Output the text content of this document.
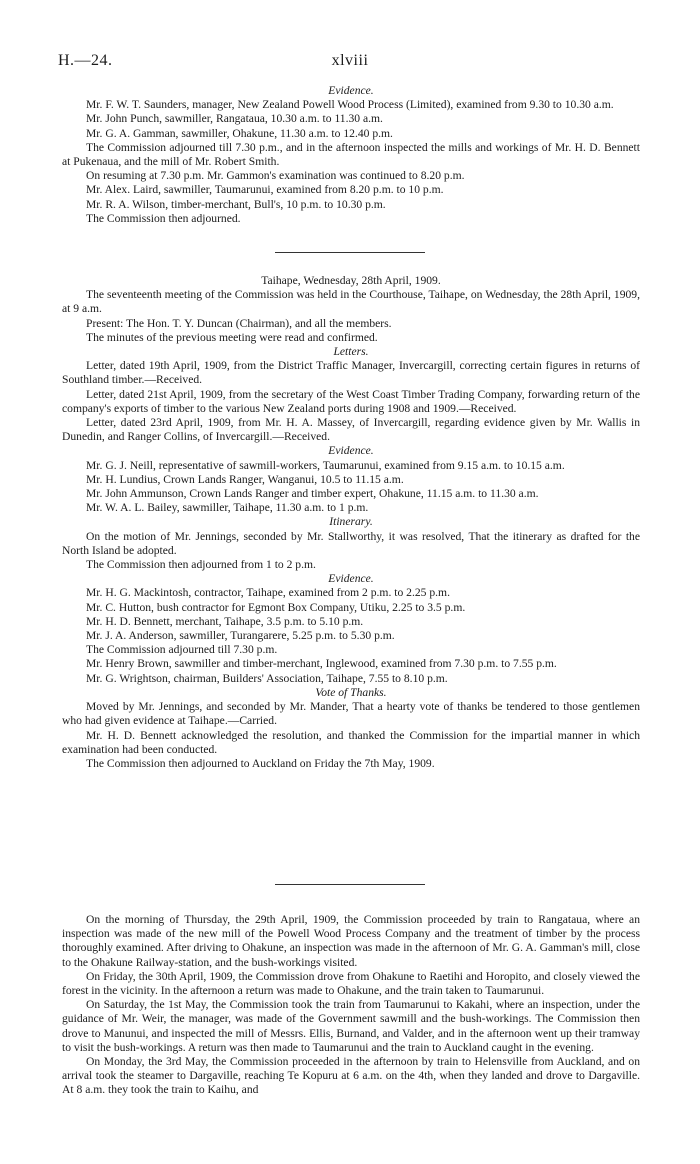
H.—24.	xlviii
Evidence.

Mr. F. W. T. Saunders, manager, New Zealand Powell Wood Process (Limited), examined from 9.30 to 10.30 a.m.

Mr. John Punch, sawmiller, Rangataua, 10.30 a.m. to 11.30 a.m.

Mr. G. A. Gamman, sawmiller, Ohakune, 11.30 a.m. to 12.40 p.m.

The Commission adjourned till 7.30 p.m., and in the afternoon inspected the mills and workings of Mr. H. D. Bennett at Pukenaua, and the mill of Mr. Robert Smith.

On resuming at 7.30 p.m. Mr. Gammon's examination was continued to 8.20 p.m.

Mr. Alex. Laird, sawmiller, Taumarunui, examined from 8.20 p.m. to 10 p.m.

Mr. R. A. Wilson, timber-merchant, Bull's, 10 p.m. to 10.30 p.m.

The Commission then adjourned.

Taihape, Wednesday, 28th April, 1909.

The seventeenth meeting of the Commission was held in the Courthouse, Taihape, on Wednesday, the 28th April, 1909, at 9 a.m.

Present: The Hon. T. Y. Duncan (Chairman), and all the members.

The minutes of the previous meeting were read and confirmed.

Letters.

Letter, dated 19th April, 1909, from the District Traffic Manager, Invercargill, correcting certain figures in returns of Southland timber.—Received.

Letter, dated 21st April, 1909, from the secretary of the West Coast Timber Trading Company, forwarding return of the company's exports of timber to the various New Zealand ports during 1908 and 1909.—Received.

Letter, dated 23rd April, 1909, from Mr. H. A. Massey, of Invercargill, regarding evidence given by Mr. Wallis in Dunedin, and Ranger Collins, of Invercargill.—Received.

Evidence.

Mr. G. J. Neill, representative of sawmill-workers, Taumarunui, examined from 9.15 a.m. to 10.15 a.m.

Mr. H. Lundius, Crown Lands Ranger, Wanganui, 10.5 to 11.15 a.m.

Mr. John Ammunson, Crown Lands Ranger and timber expert, Ohakune, 11.15 a.m. to 11.30 a.m.

Mr. W. A. L. Bailey, sawmiller, Taihape, 11.30 a.m. to 1 p.m.

Itinerary.

On the motion of Mr. Jennings, seconded by Mr. Stallworthy, it was resolved, That the itinerary as drafted for the North Island be adopted.

The Commission then adjourned from 1 to 2 p.m.

Evidence.

Mr. H. G. Mackintosh, contractor, Taihape, examined from 2 p.m. to 2.25 p.m.

Mr. C. Hutton, bush contractor for Egmont Box Company, Utiku, 2.25 to 3.5 p.m.

Mr. H. D. Bennett, merchant, Taihape, 3.5 p.m. to 5.10 p.m.

Mr. J. A. Anderson, sawmiller, Turangarere, 5.25 p.m. to 5.30 p.m.

The Commission adjourned till 7.30 p.m.

Mr. Henry Brown, sawmiller and timber-merchant, Inglewood, examined from 7.30 p.m. to 7.55 p.m.

Mr. G. Wrightson, chairman, Builders' Association, Taihape, 7.55 to 8.10 p.m.

Vote of Thanks.

Moved by Mr. Jennings, and seconded by Mr. Mander, That a hearty vote of thanks be tendered to those gentlemen who had given evidence at Taihape.—Carried.

Mr. H. D. Bennett acknowledged the resolution, and thanked the Commission for the impartial manner in which examination had been conducted.

The Commission then adjourned to Auckland on Friday the 7th May, 1909.

On the morning of Thursday, the 29th April, 1909, the Commission proceeded by train to Rangataua, where an inspection was made of the new mill of the Powell Wood Process Company and the treatment of timber by the process thoroughly examined. After driving to Ohakune, an inspection was made in the afternoon of Mr. G. A. Gamman's mill, close to the Ohakune Railway-station, and the bush-workings visited.

On Friday, the 30th April, 1909, the Commission drove from Ohakune to Raetihi and Horopito, and closely viewed the forest in the vicinity. In the afternoon a return was made to Ohakune, and the train taken to Taumarunui.

On Saturday, the 1st May, the Commission took the train from Taumarunui to Kakahi, where an inspection, under the guidance of Mr. Weir, the manager, was made of the Government sawmill and the bush-workings. The Commission then drove to Manunui, and inspected the mill of Messrs. Ellis, Burnand, and Valder, and in the afternoon went up their tramway to visit the bush-workings. A return was then made to Taumarunui and the train to Auckland caught in the evening.

On Monday, the 3rd May, the Commission proceeded in the afternoon by train to Helensville from Auckland, and on arrival took the steamer to Dargaville, reaching Te Kopuru at 6 a.m. on the 4th, when they landed and drove to Dargaville. At 8 a.m. they took the train to Kaihu, and
